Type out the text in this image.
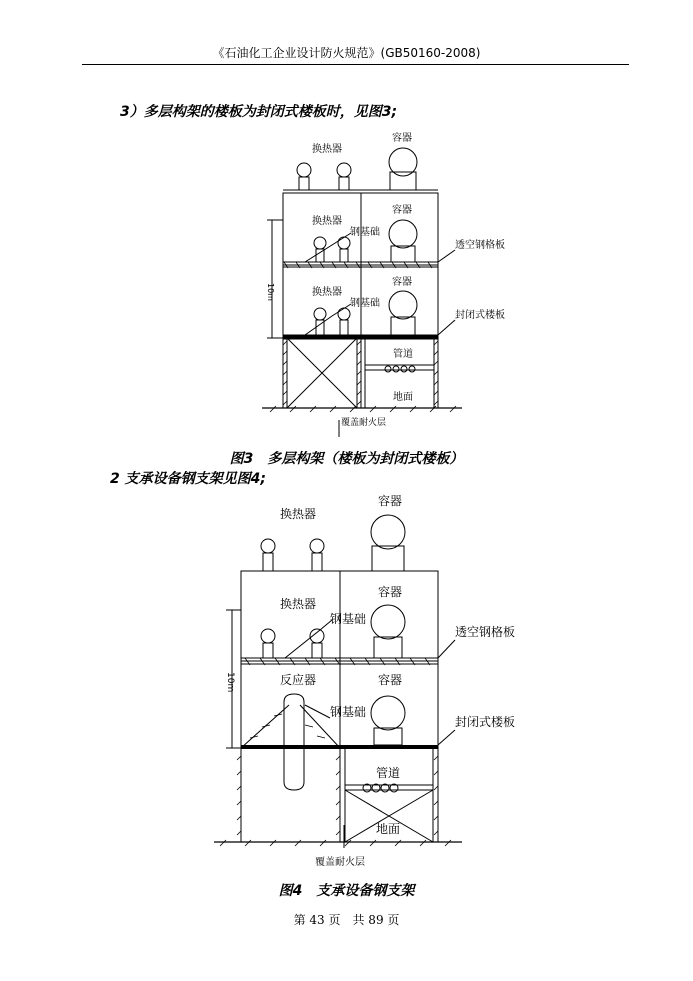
《石油化工企业设计防火规范》(GB50160-2008)
3）多层构架的楼板为封闭式楼板时，见图3;
换热器
容器
换热器
容器
钢基础
透空钢格板
换热器
容器
钢基础
封闭式楼板
管道
地面
10m
覆盖耐火层
图3　多层构架（楼板为封闭式楼板）
2 支承设备钢支架见图4;
换热器
容器
换热器
容器
钢基础
透空钢格板
反应器	容器
钢基础
封闭式楼板
管道
地面
10m
覆盖耐火层
图4　支承设备钢支架
第 43 页　共 89 页
